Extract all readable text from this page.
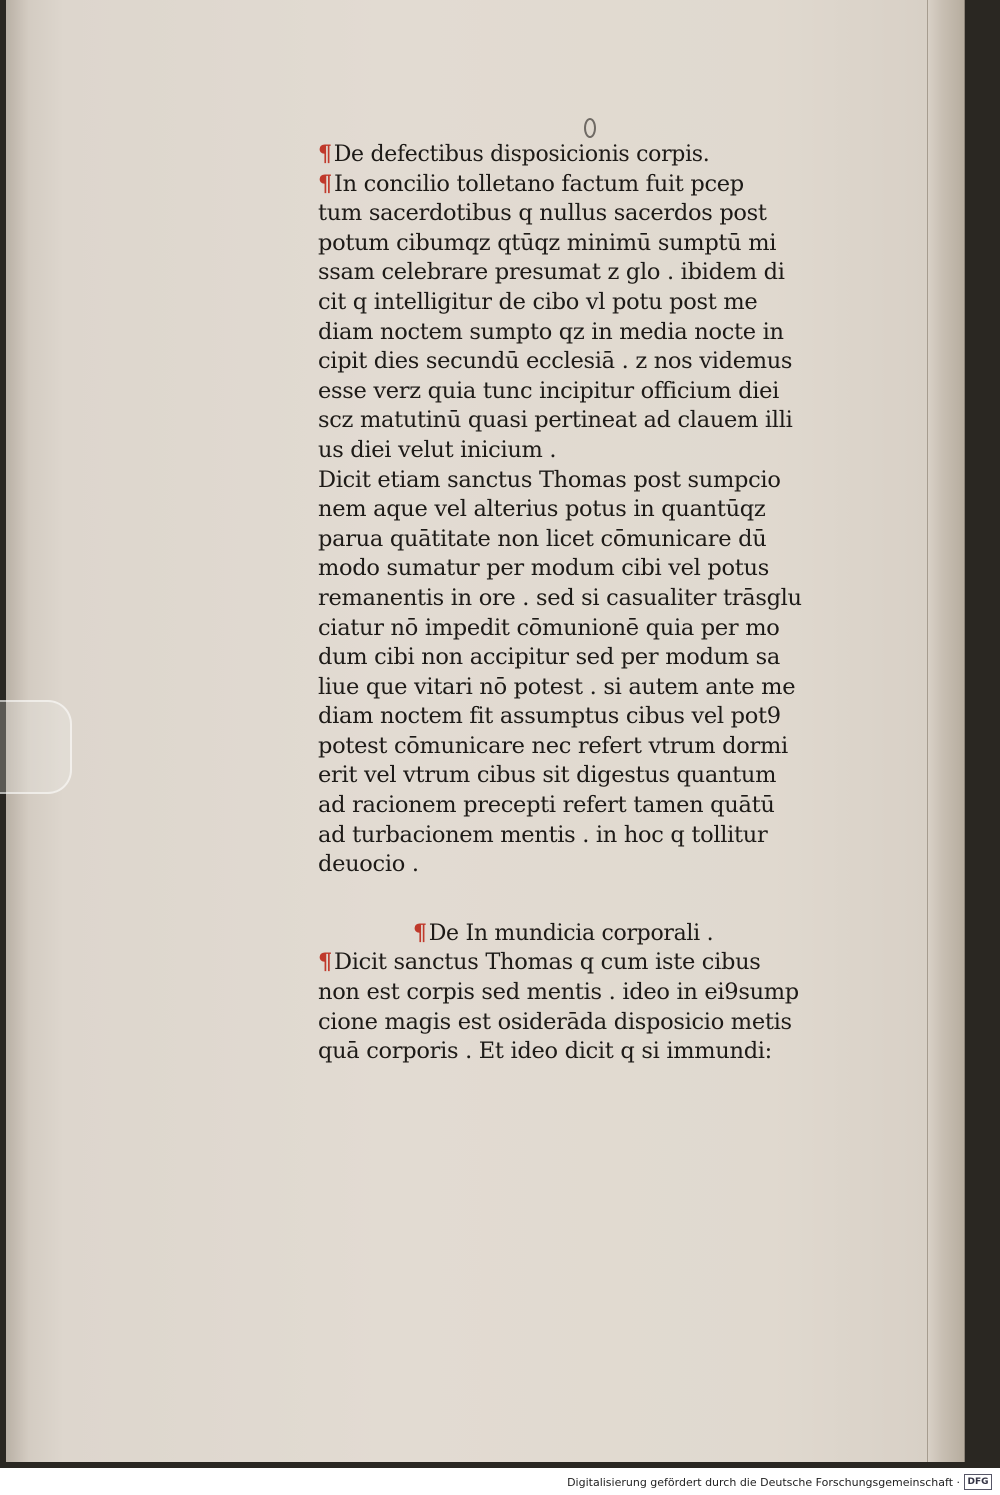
¶De defectibus disposicionis corpis.
¶In concilio tolletano factum fuit pcep
tum sacerdotibus q nullus sacerdos post
potum cibumqz qtūqz minimū sumptū mi
ssam celebrare presumat z glo . ibidem di
cit q intelligitur de cibo vl potu post me
diam noctem sumpto qz in media nocte in
cipit dies secundū ecclesiā . z nos videmus
esse verz quia tunc incipitur officium diei
scz matutinū quasi pertineat ad clauem illi
us diei velut inicium .
Dicit etiam sanctus Thomas post sumpcio
nem aque vel alterius potus in quantūqz
parua quātitate non licet cōmunicare dū
modo sumatur per modum cibi vel potus
remanentis in ore . sed si casualiter trāsglu
ciatur nō impedit cōmunionē quia per mo
dum cibi non accipitur sed per modum sa
liue que vitari nō potest . si autem ante me
diam noctem fit assumptus cibus vel pot9
potest cōmunicare nec refert vtrum dormi
erit vel vtrum cibus sit digestus quantum
ad racionem precepti refert tamen quātū
ad turbacionem mentis . in hoc q tollitur
deuocio .
¶De In mundicia corporali .
¶Dicit sanctus Thomas q cum iste cibus
non est corpis sed mentis . ideo in ei9sump
cione magis est osiderāda disposicio metis
quā corporis . Et ideo dicit q si immundi:
Digitalisierung gefördert durch die Deutsche Forschungsgemeinschaft · DFG
